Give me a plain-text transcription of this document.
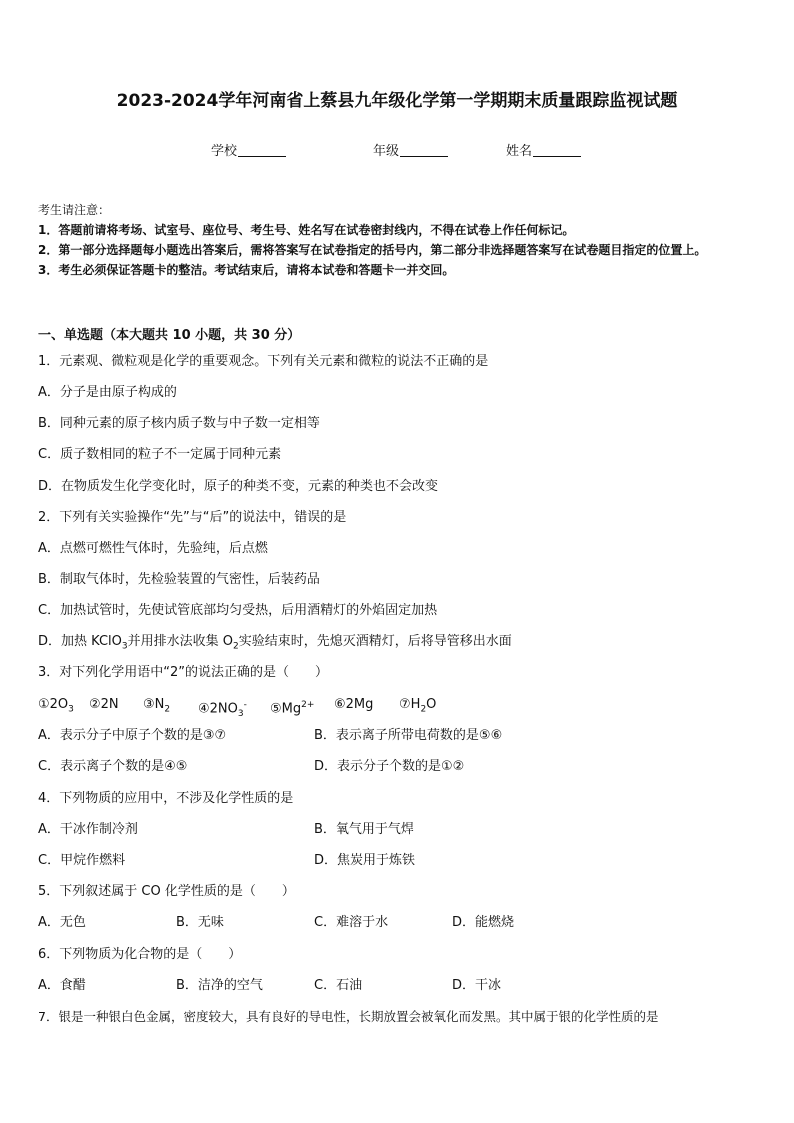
2023-2024学年河南省上蔡县九年级化学第一学期期末质量跟踪监视试题
学校	年级	姓名
考生请注意：
1．答题前请将考场、试室号、座位号、考生号、姓名写在试卷密封线内，不得在试卷上作任何标记。
2．第一部分选择题每小题选出答案后，需将答案写在试卷指定的括号内，第二部分非选择题答案写在试卷题目指定的位置上。
3．考生必须保证答题卡的整洁。考试结束后，请将本试卷和答题卡一并交回。
一、单选题（本大题共 10 小题，共 30 分）
1．元素观、微粒观是化学的重要观念。下列有关元素和微粒的说法不正确的是
A．分子是由原子构成的
B．同种元素的原子核内质子数与中子数一定相等
C．质子数相同的粒子不一定属于同种元素
D．在物质发生化学变化时，原子的种类不变，元素的种类也不会改变
2．下列有关实验操作“先”与“后”的说法中，错误的是
A．点燃可燃性气体时，先验纯，后点燃
B．制取气体时，先检验装置的气密性，后装药品
C．加热试管时，先使试管底部均匀受热，后用酒精灯的外焰固定加热
D．加热 KClO$_3$并用排水法收集 $O_2$实验结束时，先熄灭酒精灯，后将导管移出水面
3．对下列化学用语中“2”的说法正确的是（　　）
$①2O_3$ ②2N $③N_2$ $④2NO_3^-$ $⑤Mg^{2+}$ ⑥2Mg $⑦H_2O$
A．表示分子中原子个数的是③⑦	B．表示离子所带电荷数的是⑤⑥
C．表示离子个数的是④⑤	D．表示分子个数的是①②
4．下列物质的应用中，不涉及化学性质的是
A．干冰作制冷剂	B．氧气用于气焊
C．甲烷作燃料	D．焦炭用于炼铁
5．下列叙述属于 CO 化学性质的是（　　）
A．无色	B．无味	C．难溶于水	D．能燃烧
6．下列物质为化合物的是（　　）
A．食醋	B．洁净的空气	C．石油	D．干冰
7．银是一种银白色金属，密度较大，具有良好的导电性，长期放置会被氧化而发黑。其中属于银的化学性质的是
